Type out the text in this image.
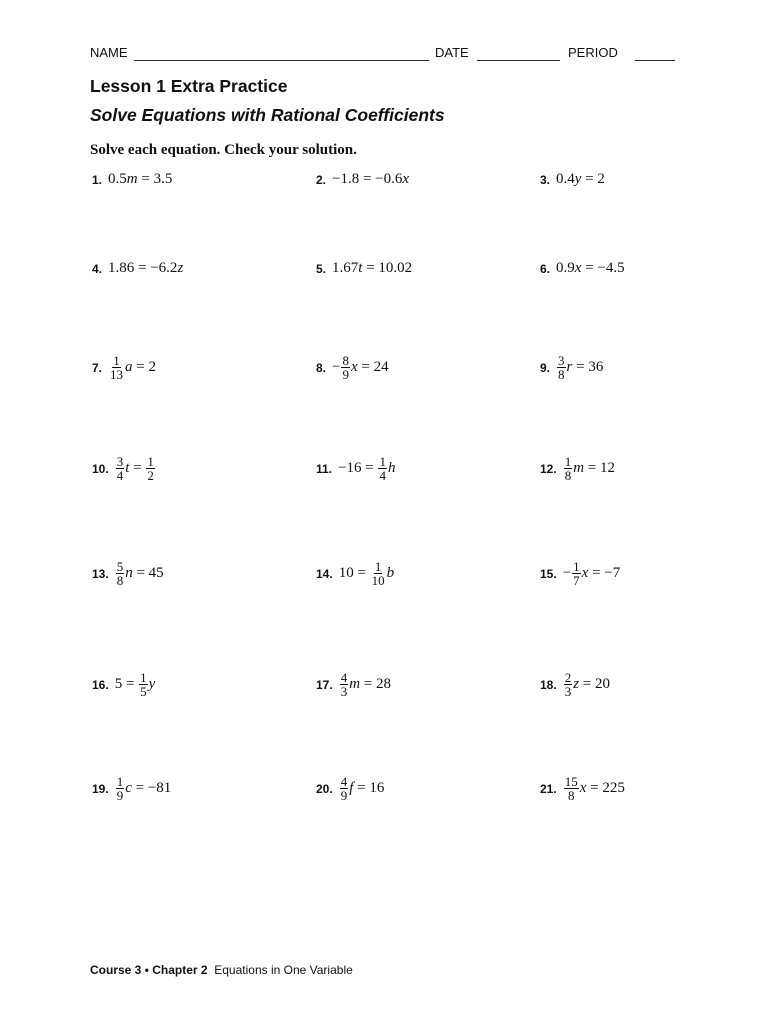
NAME	DATE	PERIOD
Lesson 1 Extra Practice
Solve Equations with Rational Coefficients
Solve each equation. Check your solution.
1. 0.5 m = 3.5	2. −1.8 = −0.6 x	3. 0.4 y = 2
4. 1.86 = −6.2 z	5. 1.67 t = 10.02	6. 0.9 x = −4.5
7. $\frac{1}{13}$ a = 2	8. − $\frac{8}{9}$ x = 24	9. $\frac{3}{8}$ r = 36
10. $\frac{3}{4}$ $t = \frac{1}{2}$	11. $-16 = \frac{1}{4}$ h	12. $\frac{1}{8}$ m = 12
13. $\frac{5}{8}$ n = 45	14. $10 = \frac{1}{10}$ b	15. − $\frac{1}{7}$ x = −7
16. $5 = \frac{1}{5}$ y	17. $\frac{4}{3}$ m = 28	18. $\frac{2}{3}$ z = 20
19. $\frac{1}{9}$ c = −81	20. $\frac{4}{9}$ f = 16	21. $\frac{15}{8}$ x = 225
Course 3 • Chapter 2 Equations in One Variable
